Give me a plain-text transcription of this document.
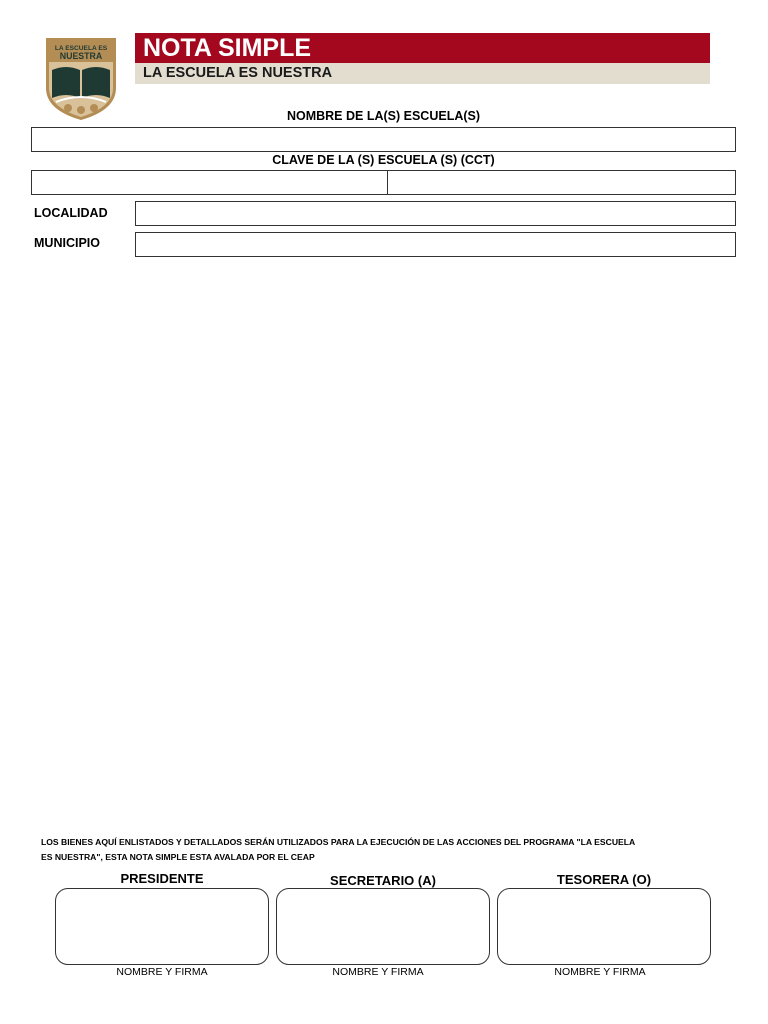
LA ESCUELA ES
NUESTRA	NOTA SIMPLE
LA ESCUELA ES NUESTRA
NOMBRE DE LA(S) ESCUELA(S)
CLAVE DE LA (S) ESCUELA (S) (CCT)
LOCALIDAD
MUNICIPIO
LOS BIENES AQUÍ ENLISTADOS Y DETALLADOS SERÁN UTILIZADOS PARA LA EJECUCIÓN DE LAS ACCIONES DEL PROGRAMA "LA ESCUELA
ES NUESTRA", ESTA NOTA SIMPLE ESTA AVALADA POR EL CEAP
PRESIDENTE
NOMBRE Y FIRMA
SECRETARIO (A)
NOMBRE Y FIRMA
TESORERA (O)
NOMBRE Y FIRMA
